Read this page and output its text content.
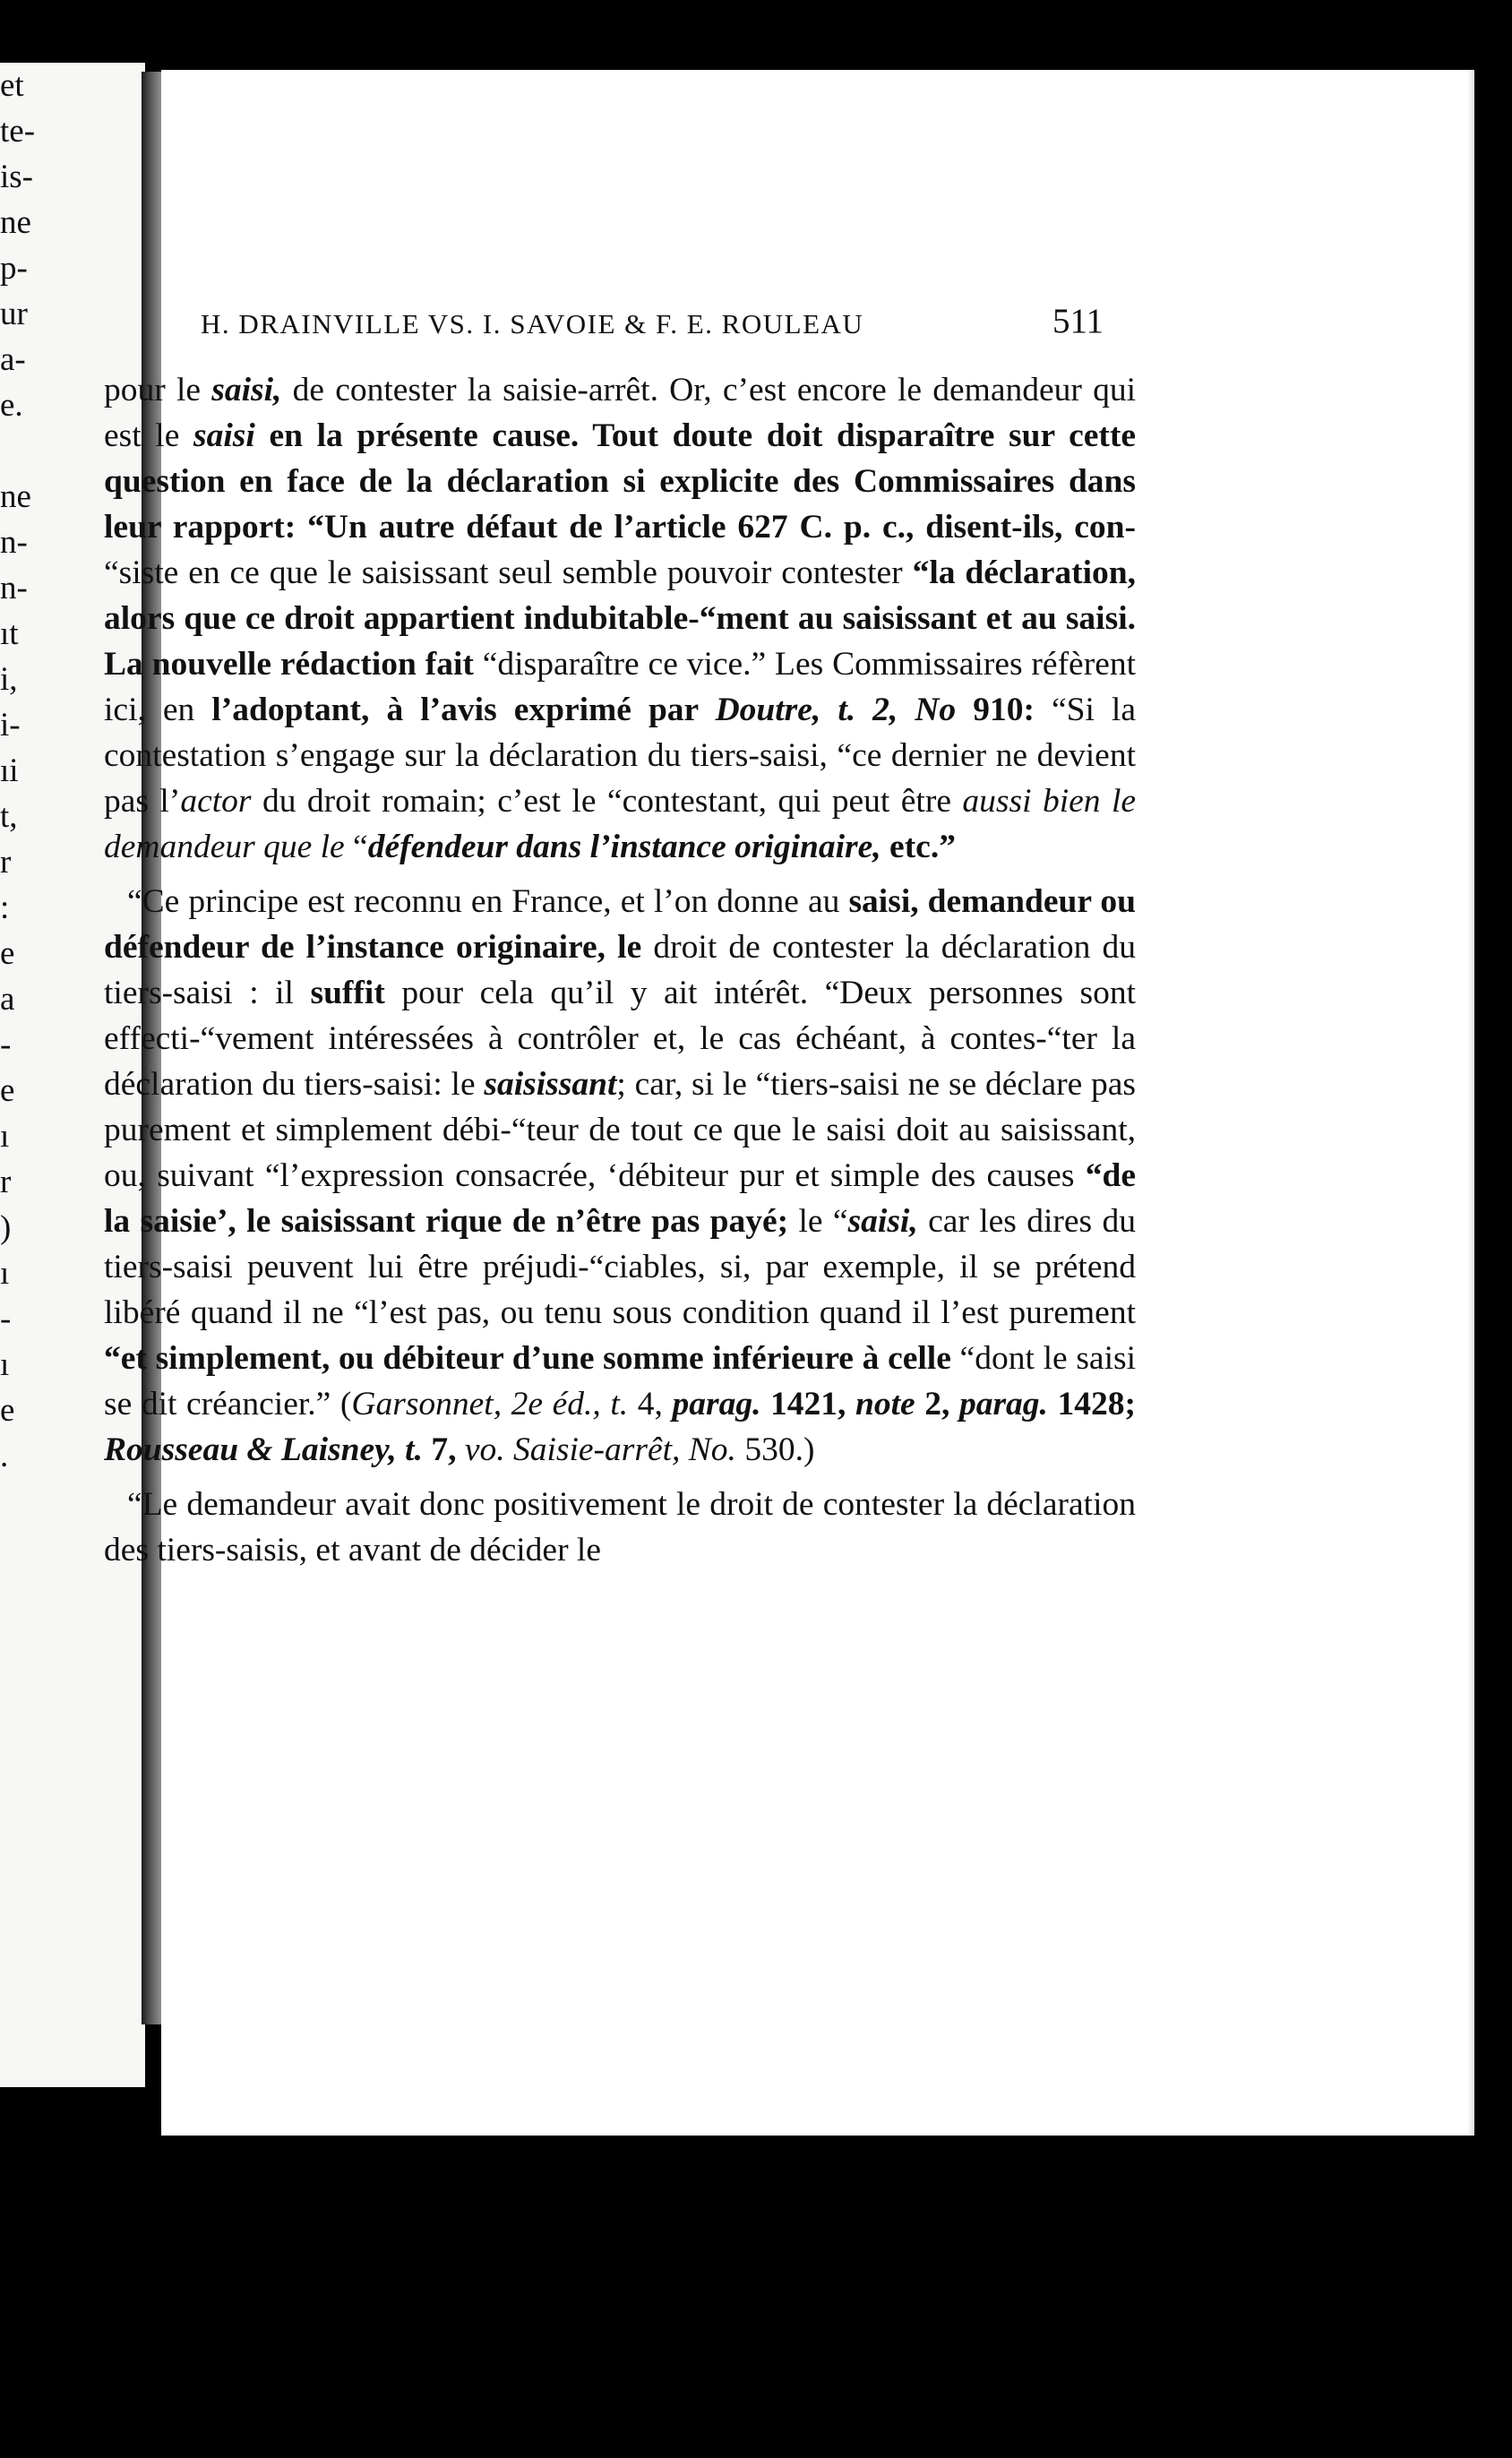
et
te-
is-
ne
p-
ur
a-
e.

ne
n-
n-
ıt
i,
i-
ıi
t,
r
:
e
a
-
e
ı
r
)
ı
-
ı
e
.
H. DRAINVILLE VS. I. SAVOIE & F. E. ROULEAU	511

pour le saisi, de contester la saisie-arrêt. Or, c’est encore le demandeur qui est le saisi en la présente cause. Tout doute doit disparaître sur cette question en face de la déclaration si explicite des Commissaires dans leur rapport: “Un autre défaut de l’article 627 C. p. c., disent-ils, con- “siste en ce que le saisissant seul semble pouvoir contester “la déclaration, alors que ce droit appartient indubitable-“ment au saisissant et au saisi. La nouvelle rédaction fait “disparaître ce vice.” Les Commissaires réfèrent ici, en l’adoptant, à l’avis exprimé par Doutre, t. 2, No 910: “Si la contestation s’engage sur la déclaration du tiers-saisi, “ce dernier ne devient pas l’actor du droit romain; c’est le “contestant, qui peut être aussi bien le demandeur que le “défendeur dans l’instance originaire, etc.”

“Ce principe est reconnu en France, et l’on donne au saisi, demandeur ou défendeur de l’instance originaire, le droit de contester la déclaration du tiers-saisi : il suffit pour cela qu’il y ait intérêt. “Deux personnes sont effecti-“vement intéressées à contrôler et, le cas échéant, à contes-“ter la déclaration du tiers-saisi: le saisissant; car, si le “tiers-saisi ne se déclare pas purement et simplement débi-“teur de tout ce que le saisi doit au saisissant, ou, suivant “l’expression consacrée, ‘débiteur pur et simple des causes “de la saisie’, le saisissant rique de n’être pas payé; le “saisi, car les dires du tiers-saisi peuvent lui être préjudi-“ciables, si, par exemple, il se prétend libéré quand il ne “l’est pas, ou tenu sous condition quand il l’est purement “et simplement, ou débiteur d’une somme inférieure à celle “dont le saisi se dit créancier.” (Garsonnet, 2e éd., t. 4, parag. 1421, note 2, parag. 1428; Rousseau & Laisney, t. 7, vo. Saisie-arrêt, No. 530.)

“Le demandeur avait donc positivement le droit de contester la déclaration des tiers-saisis, et avant de décider le
